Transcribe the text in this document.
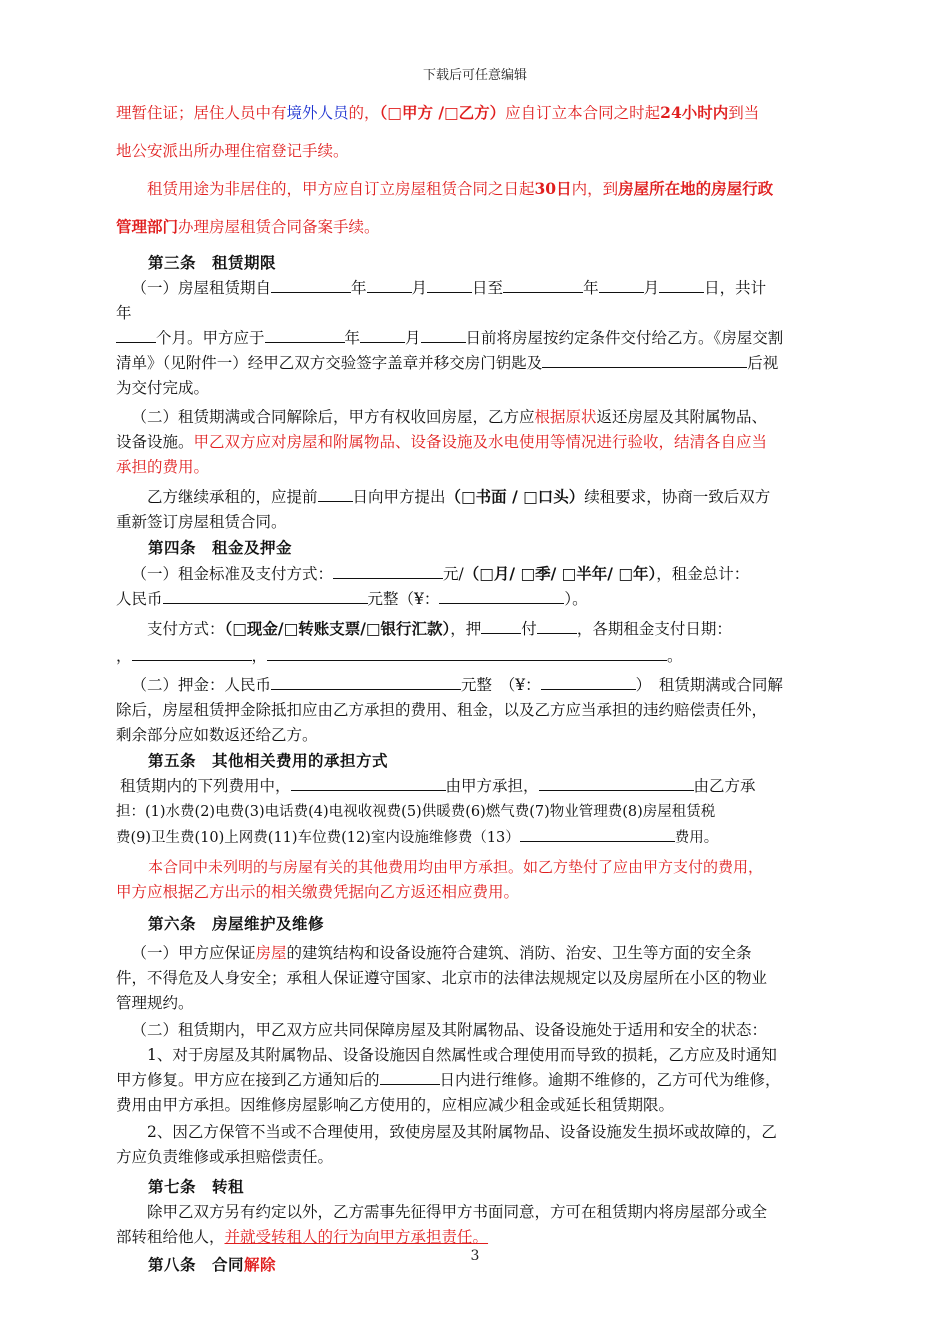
下载后可任意编辑

理暂住证；居住人员中有境外人员的，（□甲方 /□乙方）应自订立本合同之时起24小时内到当
地公安派出所办理住宿登记手续。

租赁用途为非居住的，甲方应自订立房屋租赁合同之日起30日内，到房屋所在地的房屋行政
管理部门办理房屋租赁合同备案手续。

第三条　租赁期限

（一）房屋租赁期自	年	月	日至	年	月	日，共计

年

个月。甲方应于	年	月	日前将房屋按约定条件交付给乙方。《房屋交割
清单》（见附件一）经甲乙双方交验签字盖章并移交房门钥匙及	后视
为交付完成。

（二）租赁期满或合同解除后，甲方有权收回房屋，乙方应根据原状返还房屋及其附属物品、

设备设施。甲乙双方应对房屋和附属物品、设备设施及水电使用等情况进行验收，结清各自应当
承担的费用。

乙方继续承租的，应提前 日向甲方提出（□书面 / □口头）续租要求，协商一致后双方

重新签订房屋租赁合同。

第四条　租金及押金

（一）租金标准及支付方式：	元/（□月/ □季/ □半年/ □年），租金总计：

人民币	元整（¥：	）。

支付方式：（□现金/□转账支票/□银行汇款），押	付	，各期租金支付日期：

，	，	。

（二）押金：人民币	元整　（¥：	）　租赁期满或合同解

除后，房屋租赁押金除抵扣应由乙方承担的费用、租金，以及乙方应当承担的违约赔偿责任外，
剩余部分应如数返还给乙方。

第五条　其他相关费用的承担方式

租赁期内的下列费用中，	由甲方承担，	由乙方承

担：(1)水费(2)电费(3)电话费(4)电视收视费(5)供暖费(6)燃气费(7)物业管理费(8)房屋租赁税
费(9)卫生费(10)上网费(11)车位费(12)室内设施维修费（13）	费用。

本合同中未列明的与房屋有关的其他费用均由甲方承担。如乙方垫付了应由甲方支付的费用，
甲方应根据乙方出示的相关缴费凭据向乙方返还相应费用。

第六条　房屋维护及维修

（一）甲方应保证房屋的建筑结构和设备设施符合建筑、消防、治安、卫生等方面的安全条

件，不得危及人身安全；承租人保证遵守国家、北京市的法律法规规定以及房屋所在小区的物业
管理规约。

（二）租赁期内，甲乙双方应共同保障房屋及其附属物品、设备设施处于适用和安全的状态：

1、对于房屋及其附属物品、设备设施因自然属性或合理使用而导致的损耗，乙方应及时通知

甲方修复。甲方应在接到乙方通知后的	日内进行维修。逾期不维修的，乙方可代为维修，
费用由甲方承担。因维修房屋影响乙方使用的，应相应减少租金或延长租赁期限。

2、因乙方保管不当或不合理使用，致使房屋及其附属物品、设备设施发生损坏或故障的，乙

方应负责维修或承担赔偿责任。

第七条　转租

除甲乙双方另有约定以外，乙方需事先征得甲方书面同意，方可在租赁期内将房屋部分或全

部转租给他人，并就受转租人的行为向甲方承担责任。

第八条　合同解除	3
